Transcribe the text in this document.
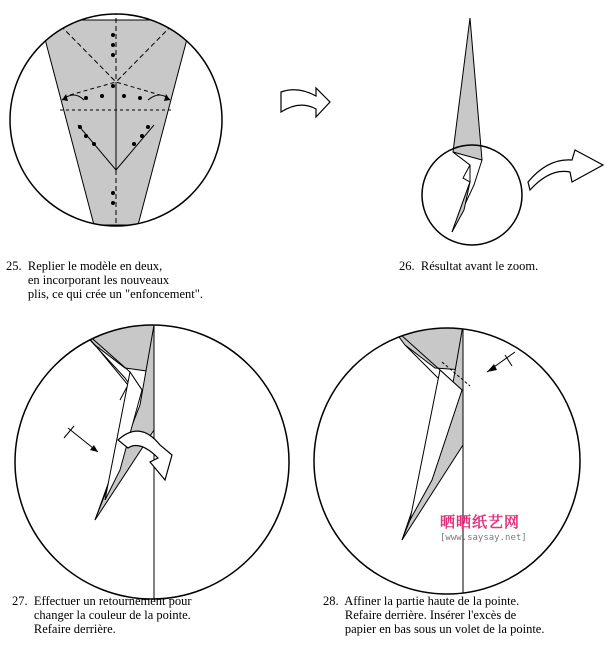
25. Replier le modèle en deux,
en incorporant les nouveaux
plis, ce qui crée un "enfoncement".
26. Résultat avant le zoom.
27. Effectuer un retournement pour
changer la couleur de la pointe.
Refaire derrière.
28. Affiner la partie haute de la pointe.
Refaire derrière. Insérer l'excès de
papier en bas sous un volet de la pointe.
晒晒纸艺网
[www.saysay.net]
